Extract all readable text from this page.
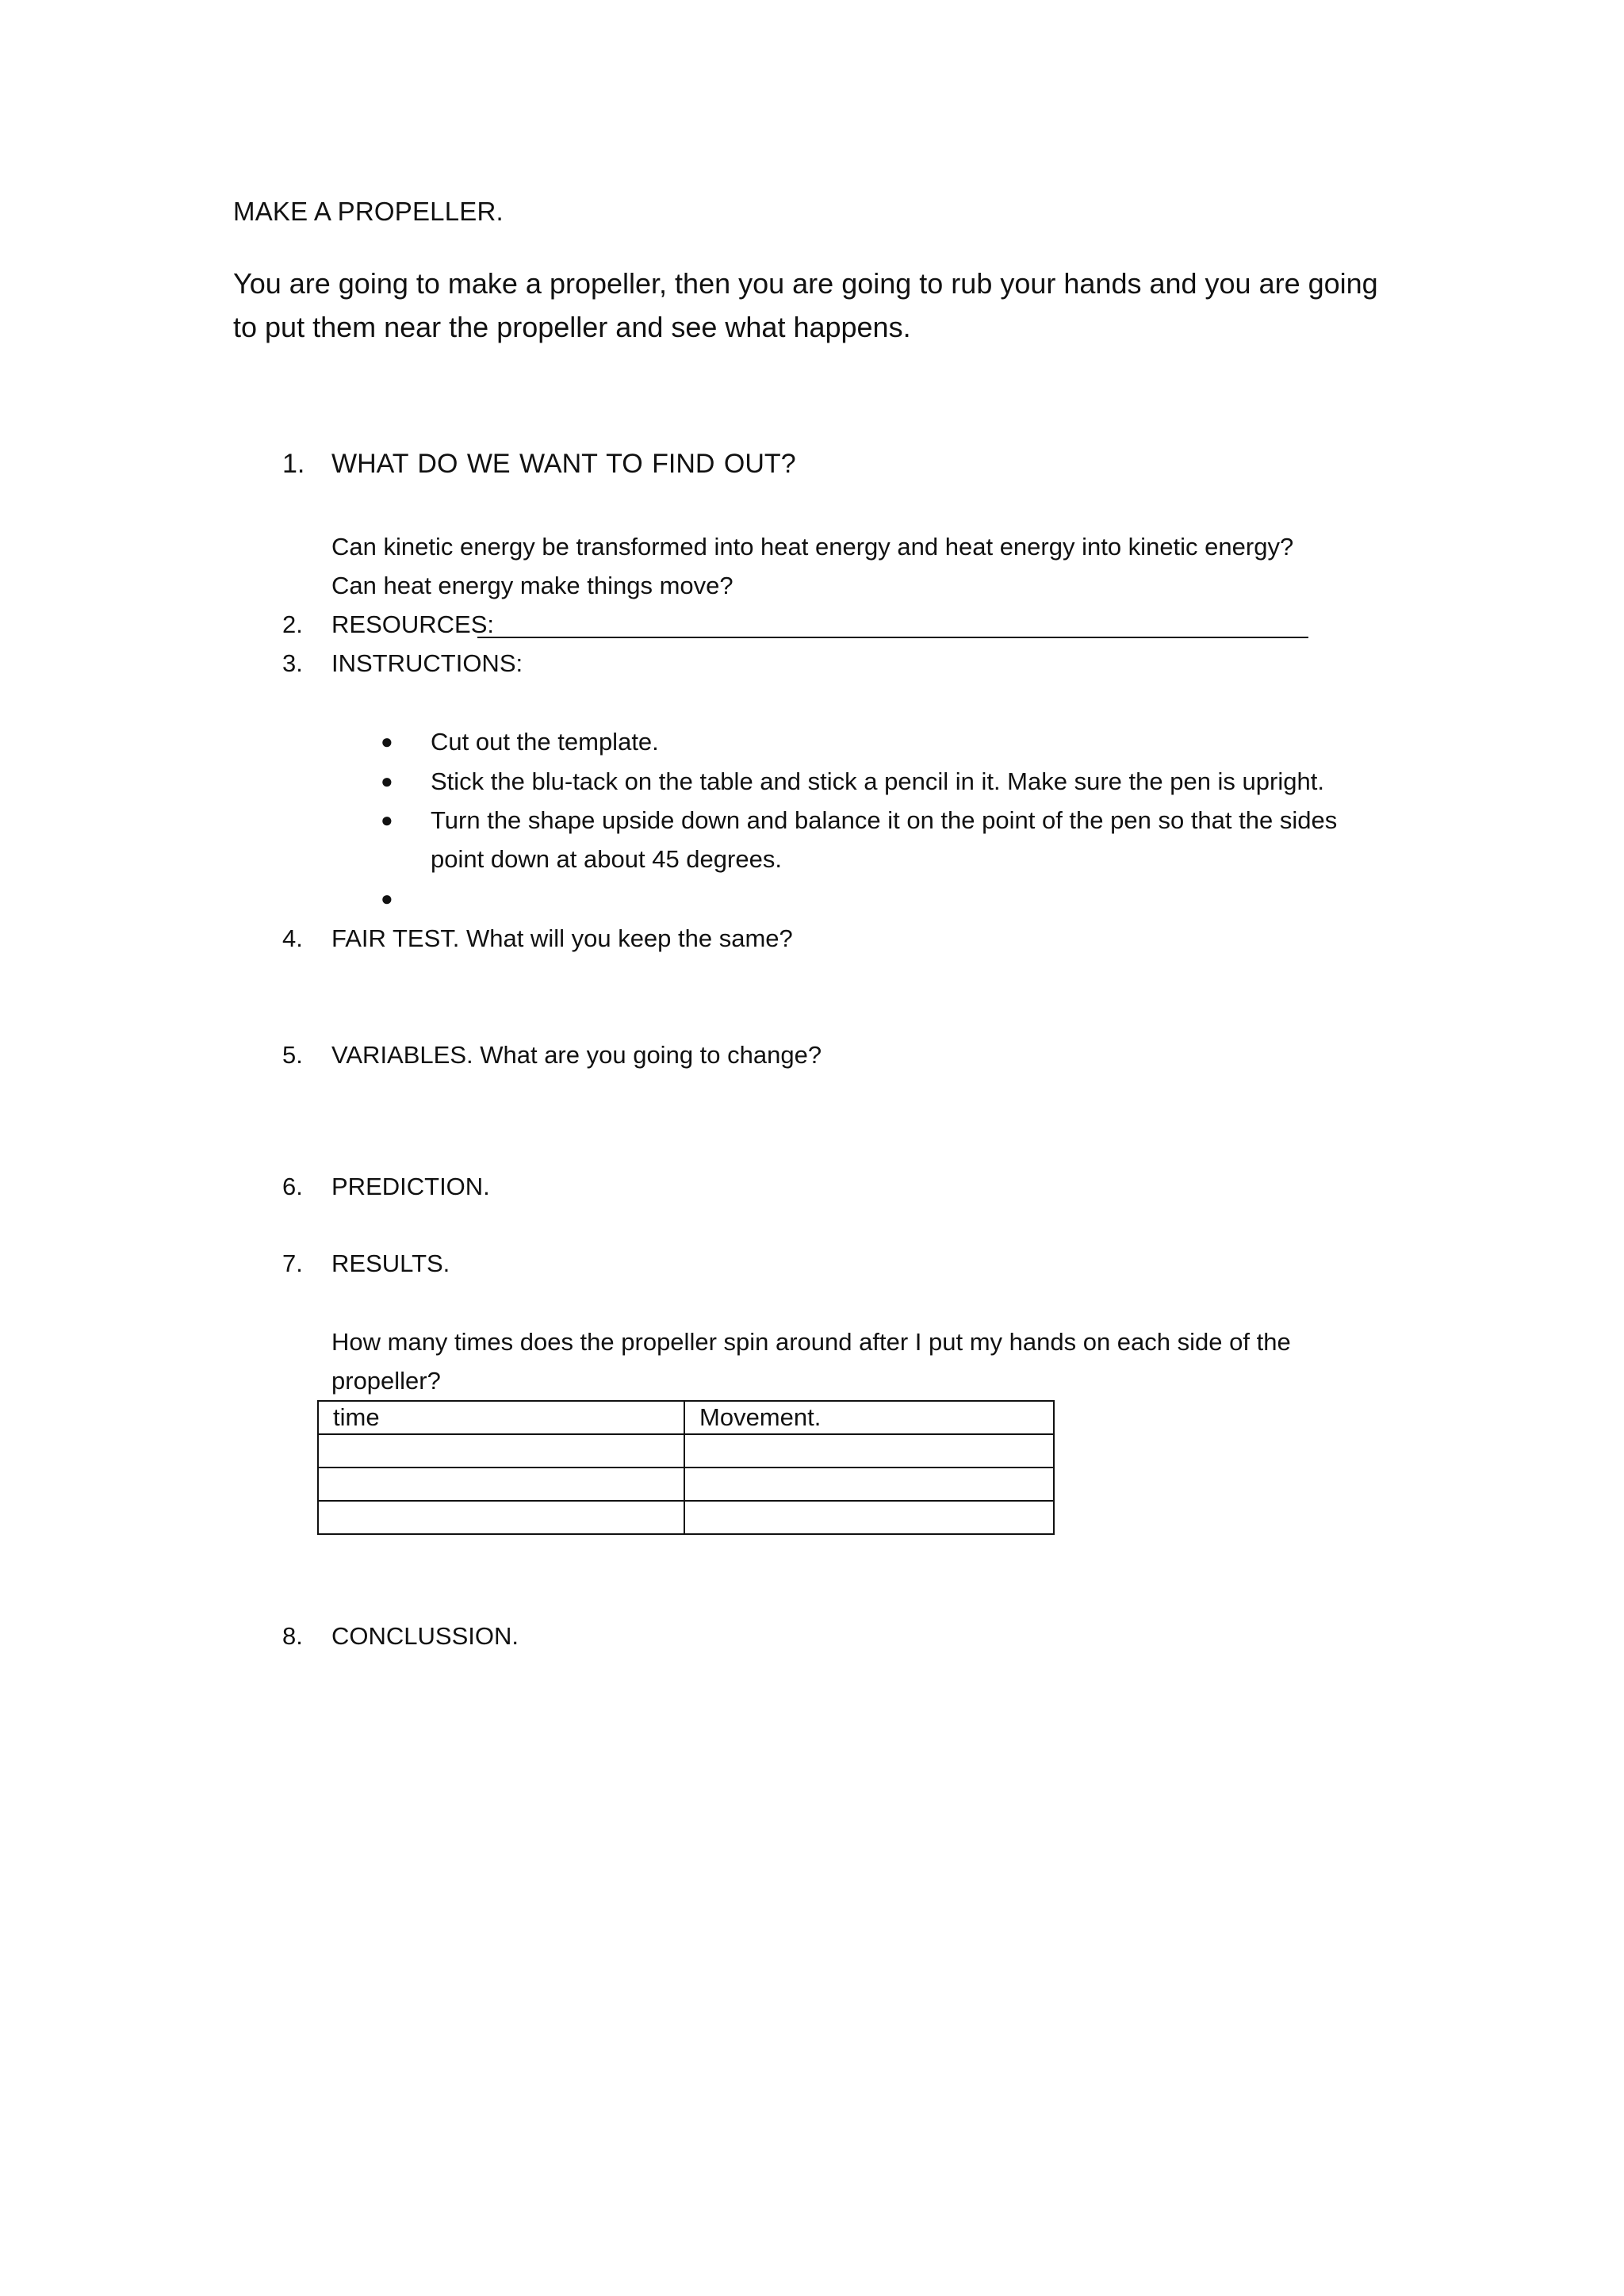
MAKE A PROPELLER.
You are going to make a propeller, then you are going to rub your hands and you are going to put them near the propeller and see what happens.
1. WHAT DO WE WANT TO FIND OUT?
Can kinetic energy be transformed into heat energy and heat energy into kinetic energy?
Can heat energy make things move?
2. RESOURCES:
3. INSTRUCTIONS:
● Cut out the template.
● Stick the blu-tack on the table and stick a pencil in it. Make sure the pen is upright.
● Turn the shape upside down and balance it on the point of the pen so that the sides point down at about 45 degrees.
●
4. FAIR TEST. What will you keep the same?
5. VARIABLES. What are you going to change?
6. PREDICTION.
7. RESULTS.
How many times does the propeller spin around after I put my hands on each side of the propeller?
time	Movement.

8. CONCLUSSION.
